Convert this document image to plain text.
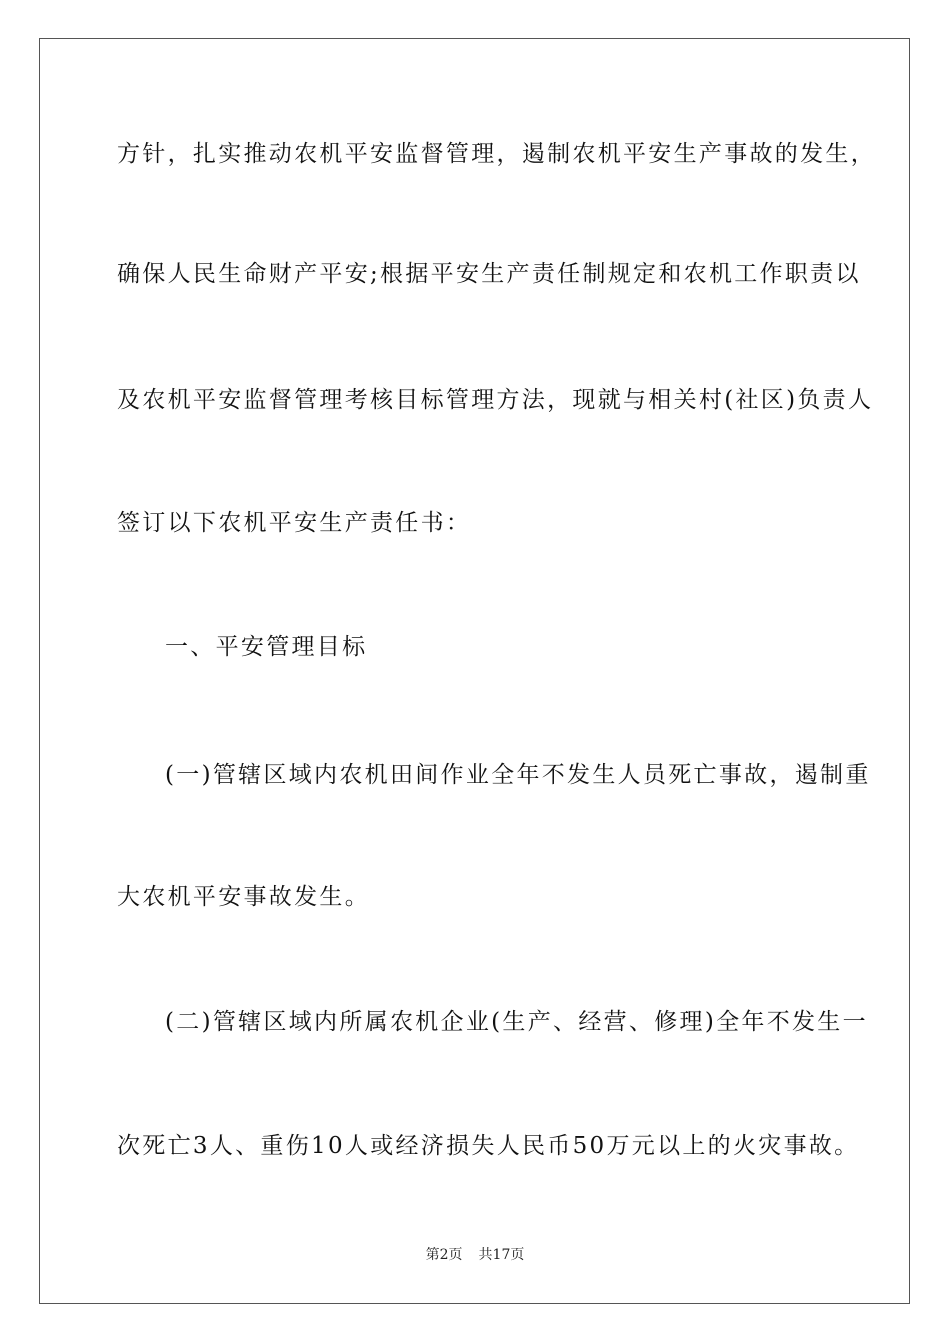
方针，扎实推动农机平安监督管理，遏制农机平安生产事故的发生，
确保人民生命财产平安;根据平安生产责任制规定和农机工作职责以
及农机平安监督管理考核目标管理方法，现就与相关村(社区)负责人
签订以下农机平安生产责任书：
一、平安管理目标
(一)管辖区域内农机田间作业全年不发生人员死亡事故，遏制重
大农机平安事故发生。
(二)管辖区域内所属农机企业(生产、经营、修理)全年不发生一
次死亡3人、重伤10人或经济损失人民币50万元以上的火灾事故。
第2页 共17页
